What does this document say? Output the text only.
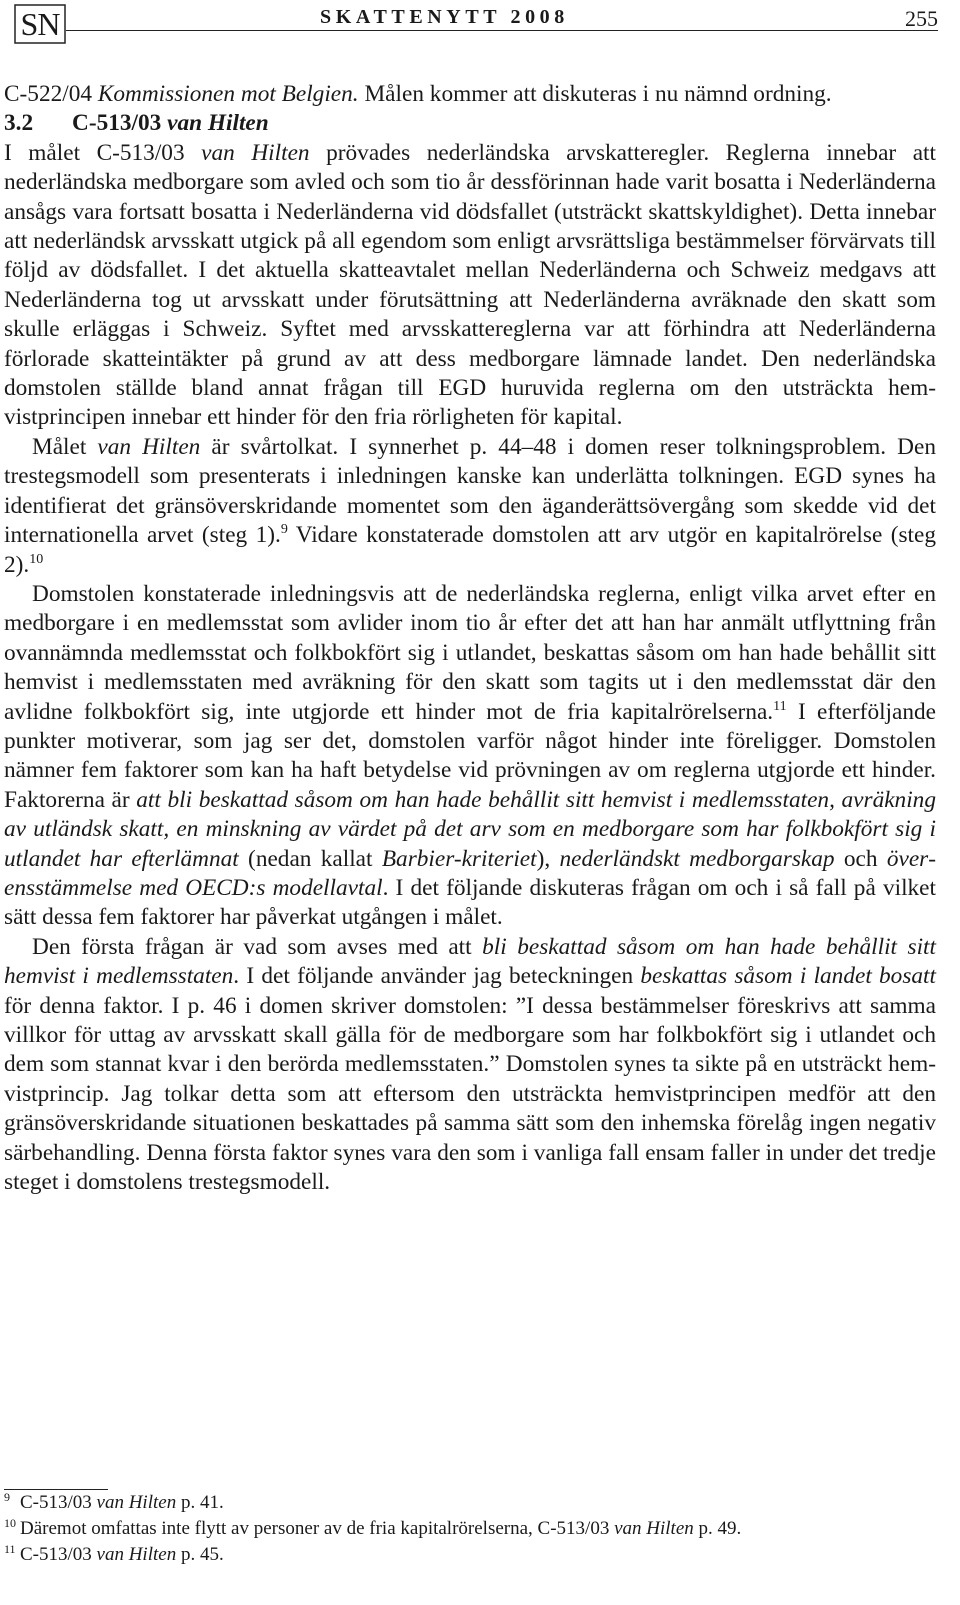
SN	SKATTENYTT 2008	255

C-522/04 Kommissionen mot Belgien. Målen kommer att diskuteras i nu nämnd ordning.

3.2 C-513/03 van Hilten

I målet C-513/03 van Hilten prövades nederländska arvskatteregler. Reglerna innebar att nederländska medborgare som avled och som tio år dessförinnan hade varit bosatta i Nederländerna ansågs vara fortsatt bosatta i Nederländerna vid dödsfallet (utsträckt skattskyldighet). Detta innebar att nederländsk arvsskatt utgick på all egendom som enligt arvsrättsliga bestämmelser förvärvats till följd av dödsfallet. I det aktuella skatteavtalet mellan Nederländerna och Schweiz medgavs att Nederländerna tog ut arvsskatt under förutsättning att Nederländerna avräknade den skatt som skulle erläggas i Schweiz. Syftet med arvsskattereglerna var att förhindra att Nederländerna förlorade skatteintäkter på grund av att dess medborgare lämnade landet. Den nederländska domstolen ställde bland annat frågan till EGD huruvida reglerna om den utsträckta hemvistprincipen innebar ett hinder för den fria rörligheten för kapital.

Målet van Hilten är svårtolkat. I synnerhet p. 44–48 i domen reser tolkningsproblem. Den trestegsmodell som presenterats i inledningen kanske kan underlätta tolkningen. EGD synes ha identifierat det gränsöverskridande momentet som den äganderättsövergång som skedde vid det internationella arvet (steg 1).$^9$ Vidare konstaterade domstolen att arv utgör en kapitalrörelse (steg 2).$^{10}$

Domstolen konstaterade inledningsvis att de nederländska reglerna, enligt vilka arvet efter en medborgare i en medlemsstat som avlider inom tio år efter det att han har anmält utflyttning från ovannämnda medlemsstat och folkbokfört sig i utlandet, beskattas såsom om han hade behållit sitt hemvist i medlemsstaten med avräkning för den skatt som tagits ut i den medlemsstat där den avlidne folkbokfört sig, inte utgjorde ett hinder mot de fria kapitalrörelserna.$^{11}$ I efterföljande punkter motiverar, som jag ser det, domstolen varför något hinder inte föreligger. Domstolen nämner fem faktorer som kan ha haft betydelse vid prövningen av om reglerna utgjorde ett hinder. Faktorerna är att bli beskattad såsom om han hade behållit sitt hemvist i medlemsstaten, avräkning av utländsk skatt, en minskning av värdet på det arv som en medborgare som har folkbokfört sig i utlandet har efterlämnat (nedan kallat Barbier-kriteriet), nederländskt medborgarskap och överensstämmelse med OECD:s modellavtal. I det följande diskuteras frågan om och i så fall på vilket sätt dessa fem faktorer har påverkat utgången i målet.

Den första frågan är vad som avses med att bli beskattad såsom om han hade behållit sitt hemvist i medlemsstaten. I det följande använder jag beteckningen beskattas såsom i landet bosatt för denna faktor. I p. 46 i domen skriver domstolen: ”I dessa bestämmelser föreskrivs att samma villkor för uttag av arvsskatt skall gälla för de medborgare som har folkbokfört sig i utlandet och dem som stannat kvar i den berörda medlemsstaten.” Domstolen synes ta sikte på en utsträckt hemvistprincip. Jag tolkar detta som att eftersom den utsträckta hemvistprincipen medför att den gränsöverskridande situationen beskattades på samma sätt som den inhemska förelåg ingen negativ särbehandling. Denna första faktor synes vara den som i vanliga fall ensam faller in under det tredje steget i domstolens trestegsmodell.

9 C-513/03 van Hilten p. 41.

10 Däremot omfattas inte flytt av personer av de fria kapitalrörelserna, C-513/03 van Hilten p. 49.

11 C-513/03 van Hilten p. 45.
